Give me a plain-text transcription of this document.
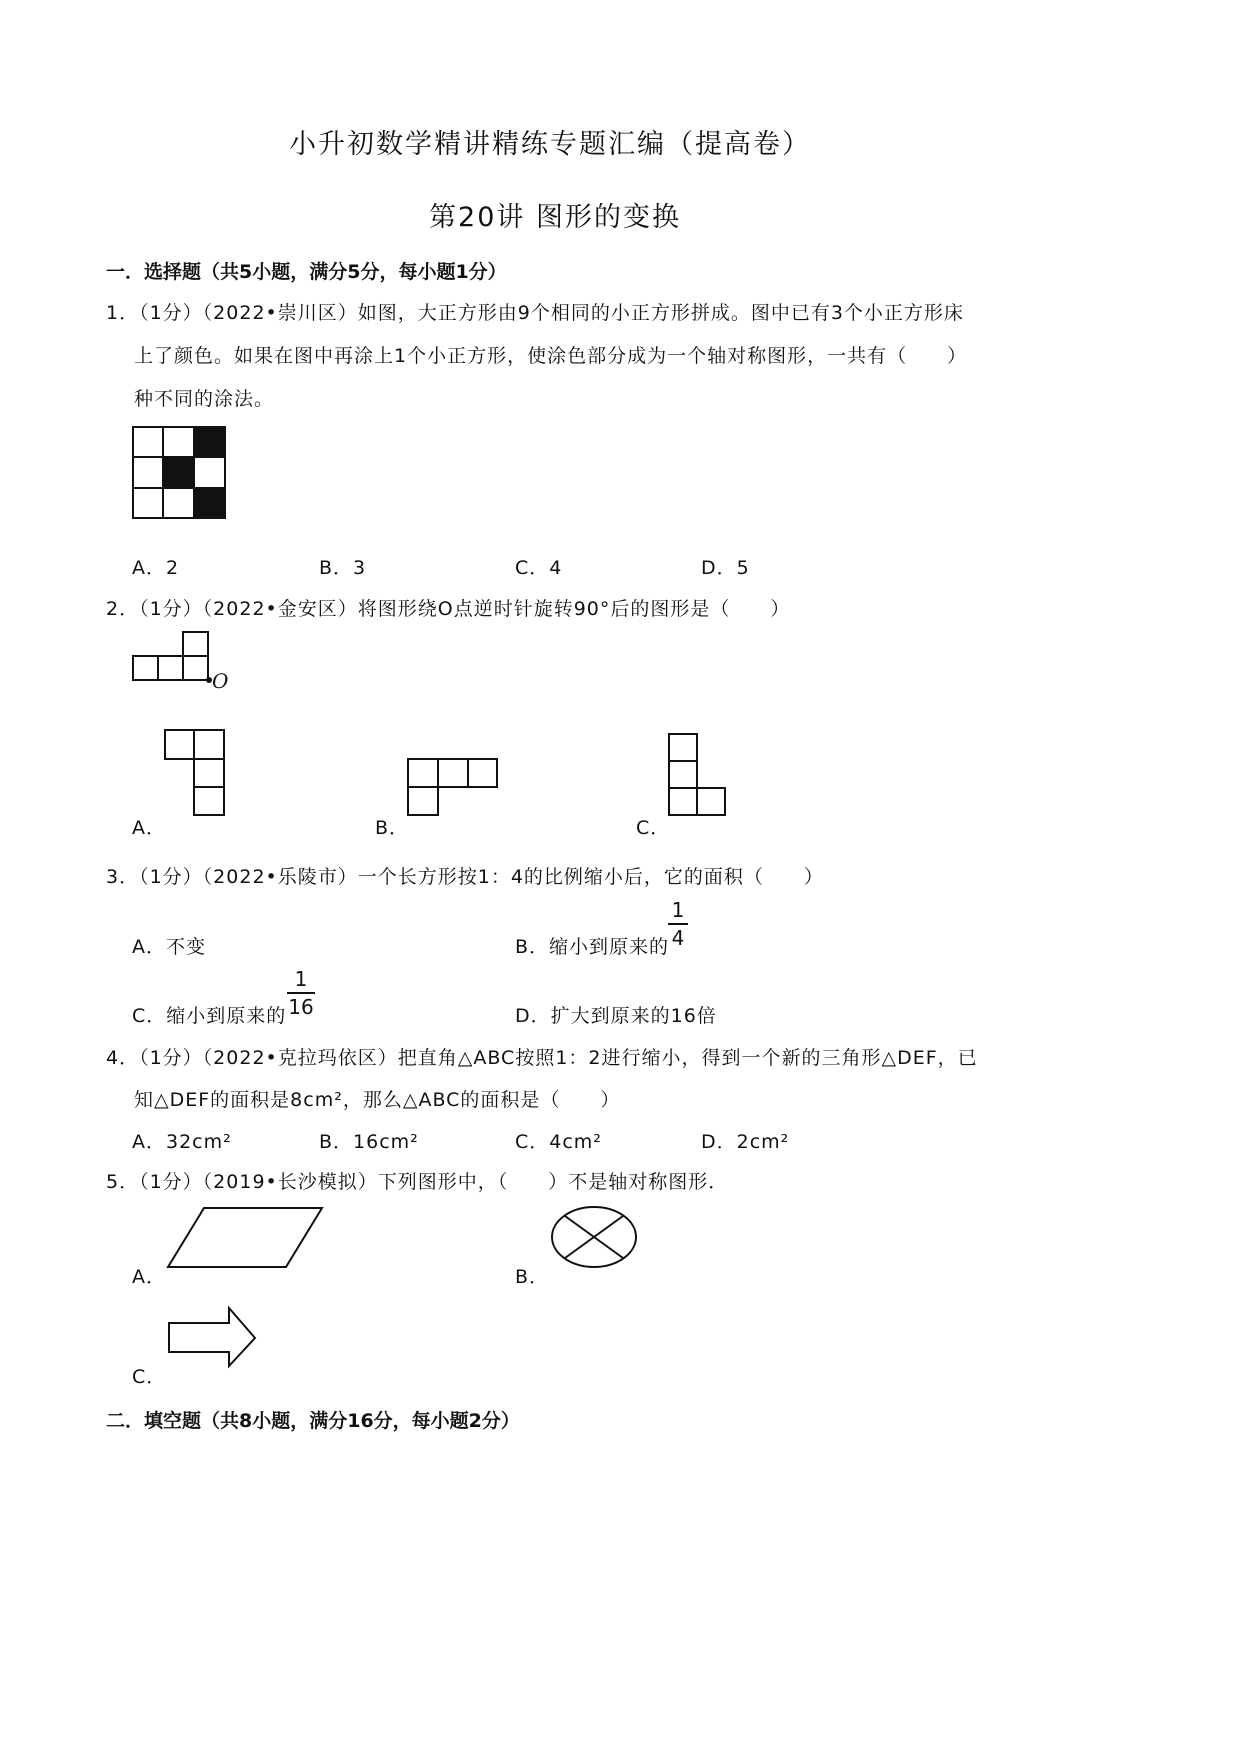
小升初数学精讲精练专题汇编（提高卷）
第20讲 图形的变换
一．选择题（共5小题，满分5分，每小题1分）
1．（1分）（2022•崇川区）如图，大正方形由9个相同的小正方形拼成。图中已有3个小正方形床
上了颜色。如果在图中再涂上1个小正方形，使涂色部分成为一个轴对称图形，一共有（　　）
种不同的涂法。
A．2	B．3	C．4	D．5
2．（1分）（2022•金安区）将图形绕O点逆时针旋转90°后的图形是（　　）
O
A．	B．	C．
3．（1分）（2022•乐陵市）一个长方形按1：4的比例缩小后，它的面积（　　）
A．不变	B．缩小到原来的
1
4
C．缩小到原来的
1
16	D．扩大到原来的16倍
4．（1分）（2022•克拉玛依区）把直角△ABC按照1：2进行缩小，得到一个新的三角形△DEF，已
知△DEF的面积是8cm²，那么△ABC的面积是（　　）
A．32cm²	B．16cm²	C．4cm²	D．2cm²
5．（1分）（2019•长沙模拟）下列图形中，（　　）不是轴对称图形．
A．	B．
C．
二．填空题（共8小题，满分16分，每小题2分）
